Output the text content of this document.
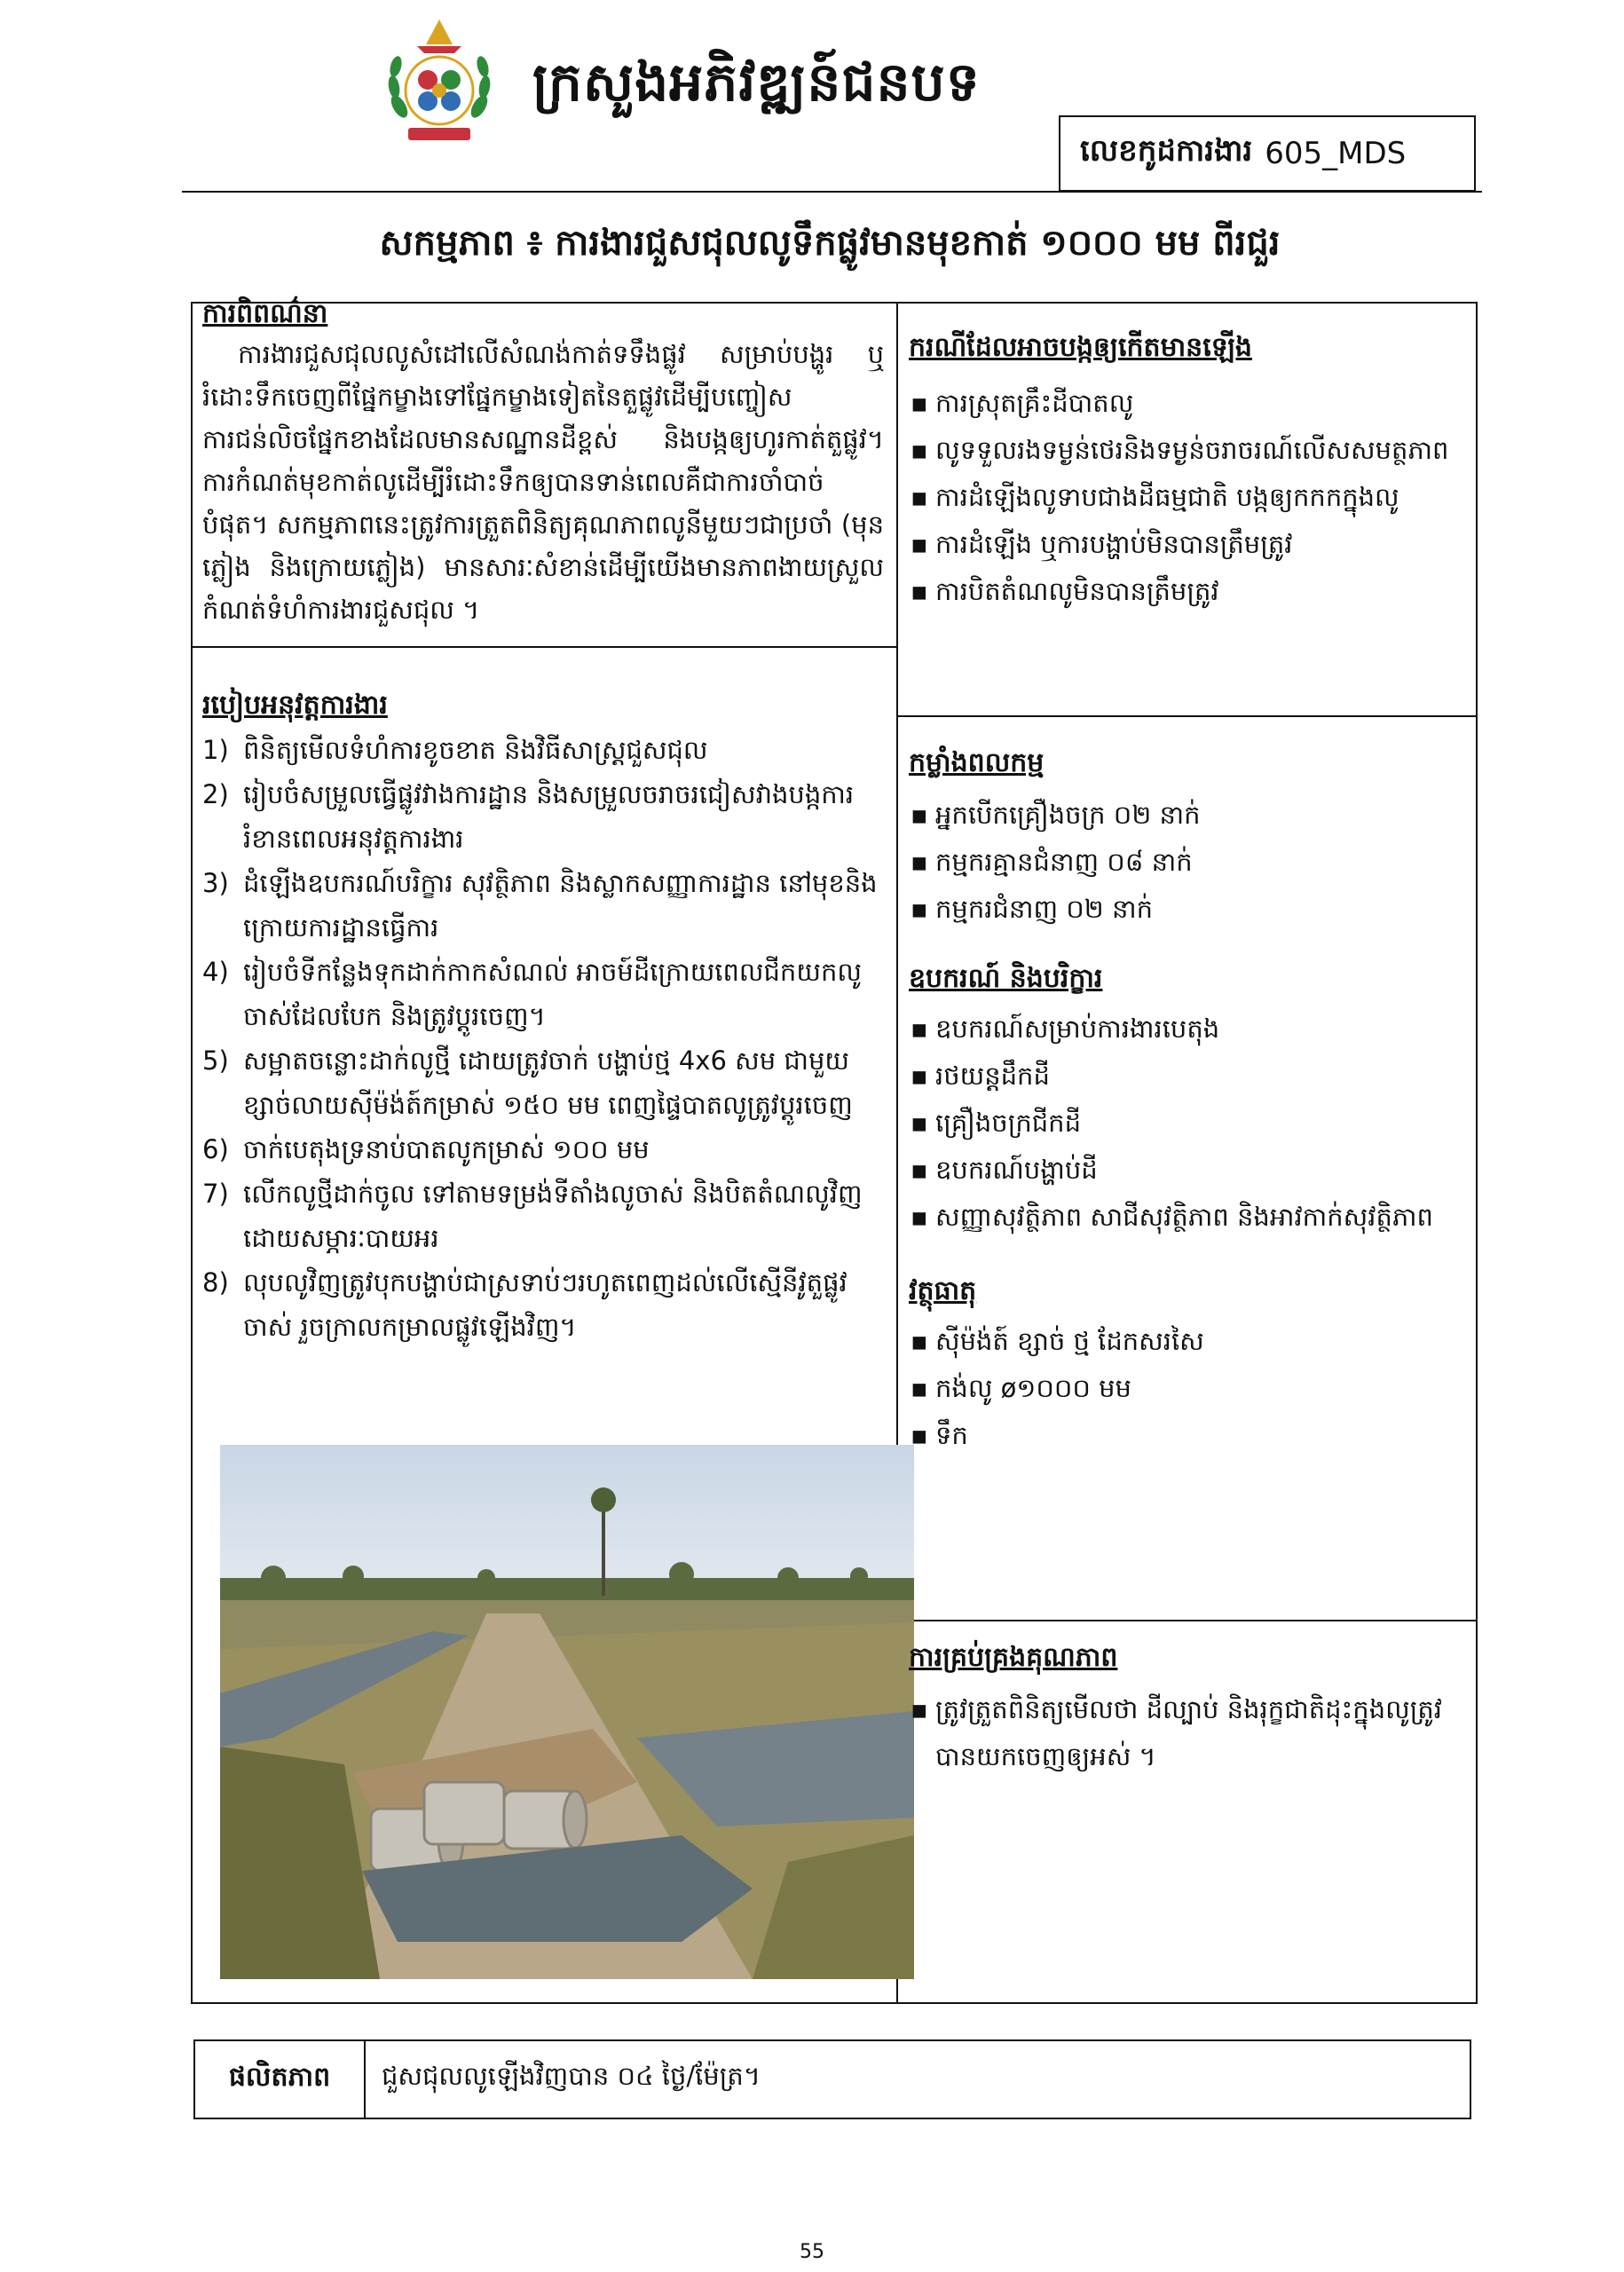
ក្រសួងអភិវឌ្ឍន៍ជនបទ
លេខកូដការងារ 605_MDS
សកម្មភាព ៖ ការងារជួសជុលលូទឹកផ្លូវមានមុខកាត់ ១០០០ មម ពីរជួរ
ការពិពណ៌នា
ការងារជួសជុលលូសំដៅលើសំណង់កាត់ទទឹងផ្លូវ សម្រាប់បង្ហូរ ឬរំដោះទឹកចេញពីផ្នែកម្ខាងទៅផ្នែកម្ខាងទៀតនៃតួផ្លូវដើម្បីបញ្ចៀសការជន់លិចផ្នែកខាងដែលមានសណ្ឋានដីខ្ពស់ និងបង្កឲ្យហូរកាត់តួផ្លូវ។ ការកំណត់មុខកាត់លូដើម្បីរំដោះទឹកឲ្យបានទាន់ពេលគឺជាការចាំបាច់បំផុត។ សកម្មភាពនេះត្រូវការត្រួតពិនិត្យគុណភាពលូនីមួយៗជាប្រចាំ (មុនភ្លៀង និងក្រោយភ្លៀង) មានសារៈសំខាន់ដើម្បីយើងមានភាពងាយស្រួលកំណត់ទំហំការងារជួសជុល ។
របៀបអនុវត្តការងារ
1) ពិនិត្យមើលទំហំការខូចខាត និងវិធីសាស្ត្រជួសជុល
2) រៀបចំសម្រួលធ្វើផ្លូវវាងការដ្ឋាន និងសម្រួលចរាចរជៀសវាងបង្កការរំខានពេលអនុវត្តការងារ
3) ដំឡើងឧបករណ៍បរិក្ខារ សុវត្ថិភាព និងស្លាកសញ្ញាការដ្ឋាន នៅមុខនិងក្រោយការដ្ឋានធ្វើការ
4) រៀបចំទីកន្លែងទុកដាក់កាកសំណល់ អាចម៍ដីក្រោយពេលជីកយកលូចាស់ដែលបែក និងត្រូវប្តូរចេញ។
5) សម្អាតចន្លោះដាក់លូថ្មី ដោយត្រូវចាក់ បង្ហាប់ថ្ម 4x6 សម ជាមួយខ្សាច់លាយស៊ីម៉ង់ត៍កម្រាស់ ១៥០ មម ពេញផ្ទៃបាតលូត្រូវប្តូរចេញ
6) ចាក់បេតុងទ្រនាប់បាតលូកម្រាស់ ១០០ មម
7) លើកលូថ្មីដាក់ចូល ទៅតាមទម្រង់ទីតាំងលូចាស់ និងបិតតំណលូវិញដោយសម្ភារៈបាយអរ
8) លុបលូវិញត្រូវបុកបង្ហាប់ជាស្រទាប់ៗរហូតពេញដល់លើស្មើនីវូតួផ្លូវចាស់ រួចក្រាលកម្រាលផ្លូវឡើងវិញ។
ករណីដែលអាចបង្កឲ្យកើតមានឡើង
▪ ការស្រុតគ្រឹះដីបាតលូ
▪ លូទទួលរងទម្ងន់ថេរនិងទម្ងន់ចរាចរណ៍លើសសមត្ថភាព
▪ ការដំឡើងលូទាបជាងដីធម្មជាតិ បង្កឲ្យកកកក្នុងលូ
▪ ការដំឡើង ឬការបង្ហាប់មិនបានត្រឹមត្រូវ
▪ ការបិតតំណលូមិនបានត្រឹមត្រូវ
កម្លាំងពលកម្ម
▪ អ្នកបើកគ្រឿងចក្រ ០២ នាក់
▪ កម្មករគ្មានជំនាញ ០៨ នាក់
▪ កម្មករជំនាញ ០២ នាក់
ឧបករណ៍ និងបរិក្ខារ
▪ ឧបករណ៍សម្រាប់ការងារបេតុង
▪ រថយន្តដឹកដី
▪ គ្រឿងចក្រជីកដី
▪ ឧបករណ៍បង្ហាប់ដី
▪ សញ្ញាសុវត្ថិភាព សាជីសុវត្ថិភាព និងអាវកាក់សុវត្ថិភាព
វត្ថុធាតុ
▪ ស៊ីម៉ង់ត៍ ខ្សាច់ ថ្ម ដែកសរសៃ
▪ កង់លូ ø១០០០ មម
▪ ទឹក
ការគ្រប់គ្រងគុណភាព
▪ ត្រូវត្រួតពិនិត្យមើលថា ដីល្បាប់ និងរុក្ខជាតិដុះក្នុងលូត្រូវបានយកចេញឲ្យអស់ ។
ផលិតភាព	ជួសជុលលូឡើងវិញបាន ០៤ ថ្ងៃ/ម៉ែត្រ។
55
